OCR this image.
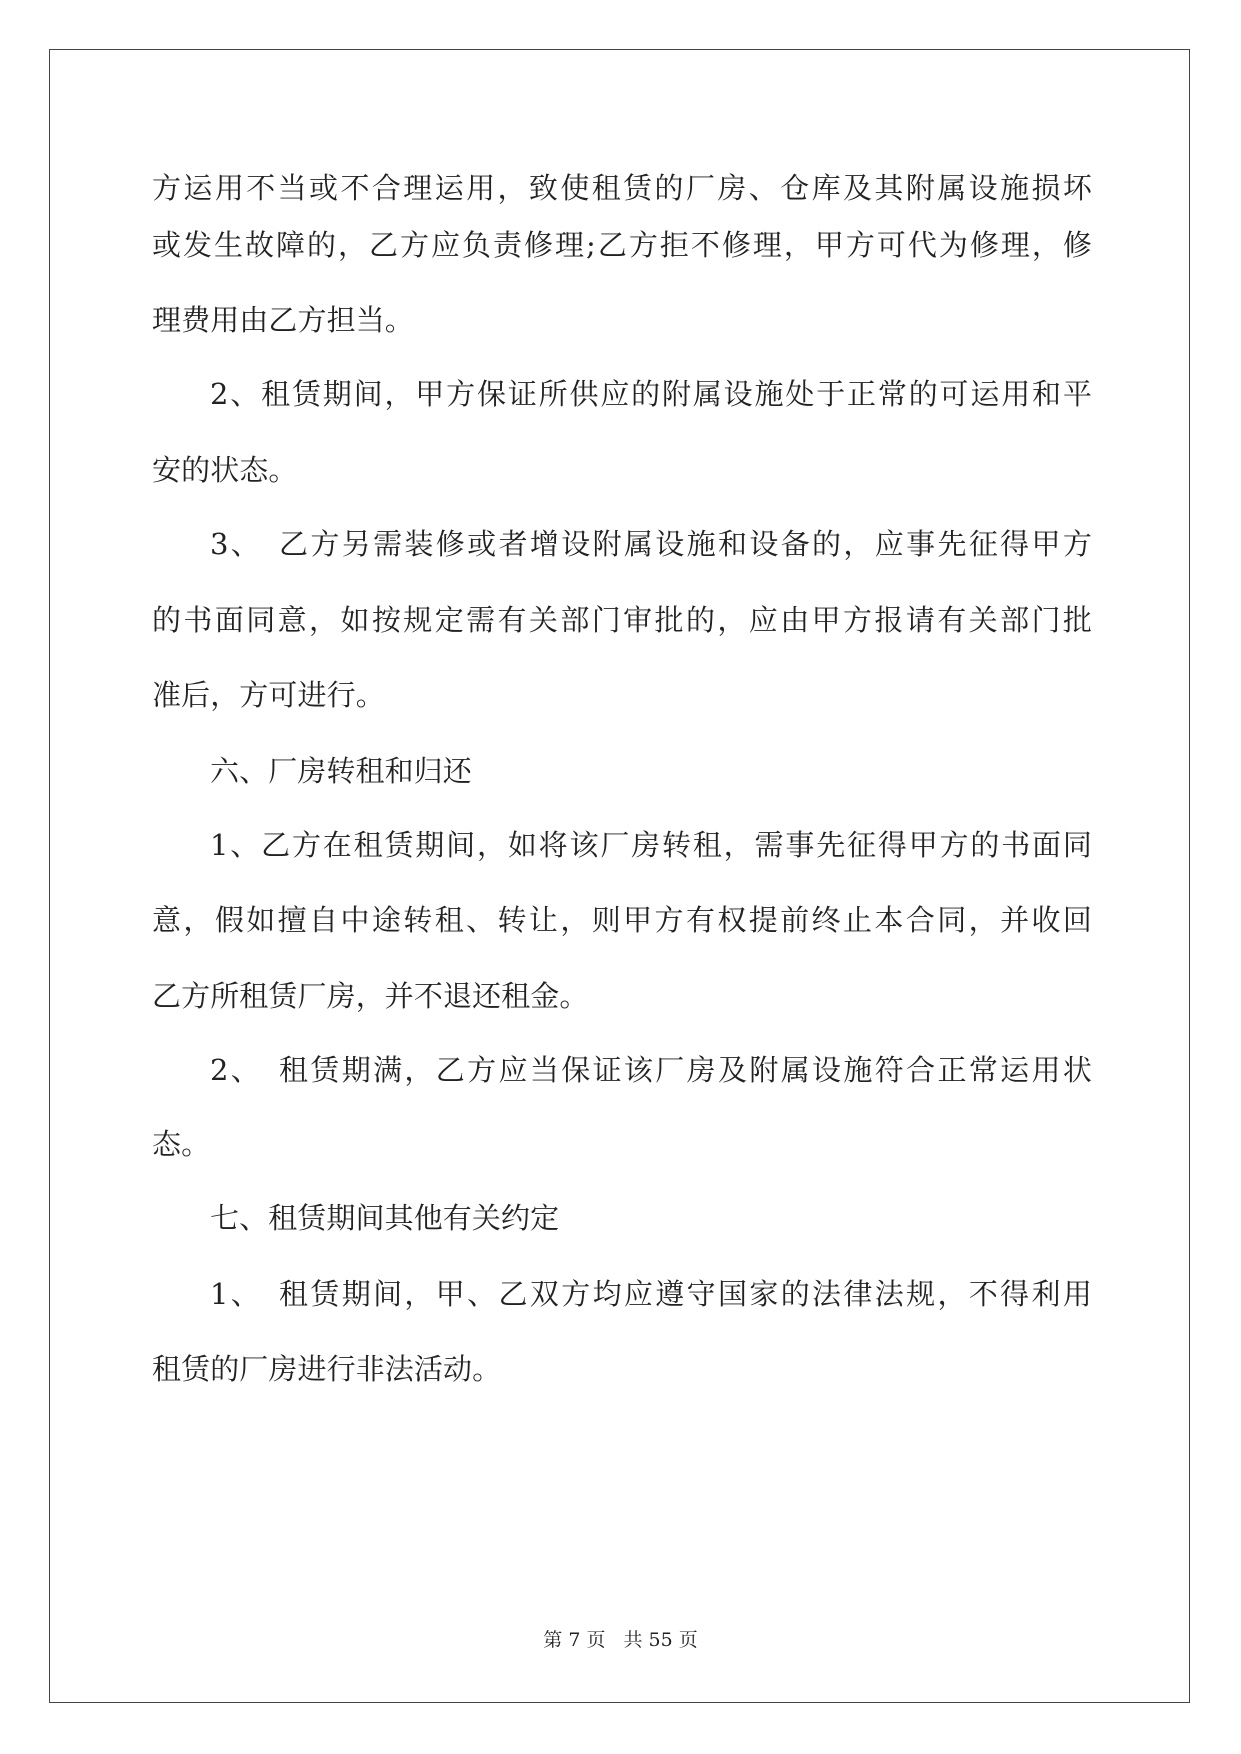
方运用不当或不合理运用，致使租赁的厂房、仓库及其附属设施损坏
或发生故障的，乙方应负责修理;乙方拒不修理，甲方可代为修理，修
理费用由乙方担当。
2、租赁期间，甲方保证所供应的附属设施处于正常的可运用和平
安的状态。
3、　乙方另需装修或者增设附属设施和设备的，应事先征得甲方
的书面同意，如按规定需有关部门审批的，应由甲方报请有关部门批
准后，方可进行。
六、厂房转租和归还
1、乙方在租赁期间，如将该厂房转租，需事先征得甲方的书面同
意，假如擅自中途转租、转让，则甲方有权提前终止本合同，并收回
乙方所租赁厂房，并不退还租金。
2、　租赁期满，乙方应当保证该厂房及附属设施符合正常运用状
态。
七、租赁期间其他有关约定
1、　租赁期间，甲、乙双方均应遵守国家的法律法规，不得利用
租赁的厂房进行非法活动。
第 7 页 共 55 页
